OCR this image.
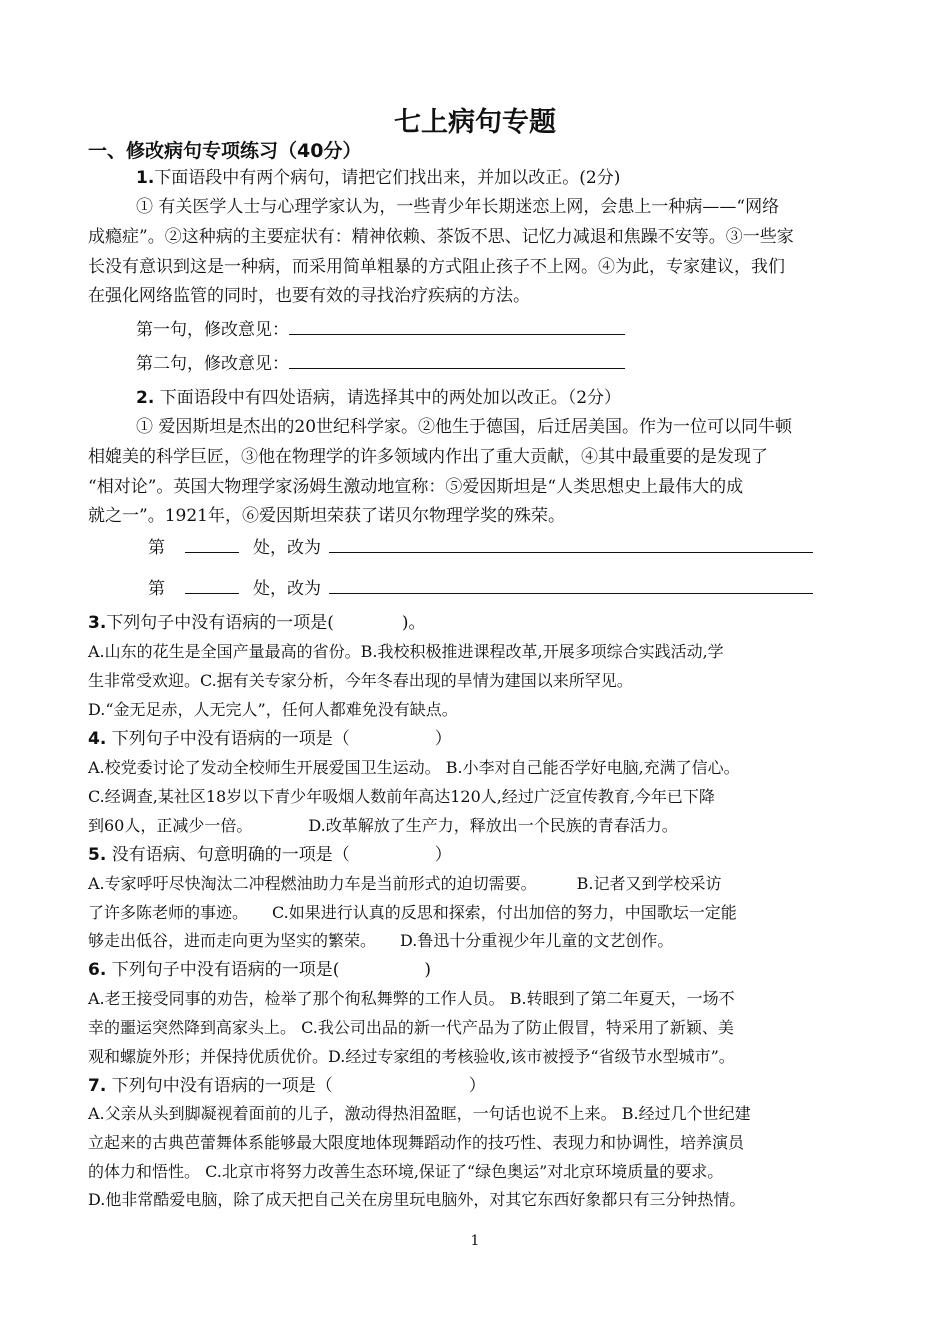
七上病句专题
一、修改病句专项练习（40分）
1.下面语段中有两个病句，请把它们找出来，并加以改正。(2分)
① 有关医学人士与心理学家认为，一些青少年长期迷恋上网，会患上一种病——“网络
成瘾症”。②这种病的主要症状有：精神依赖、茶饭不思、记忆力减退和焦躁不安等。③一些家
长没有意识到这是一种病，而采用简单粗暴的方式阻止孩子不上网。④为此，专家建议，我们
在强化网络监管的同时，也要有效的寻找治疗疾病的方法。
第一句，修改意见：
第二句，修改意见：
2. 下面语段中有四处语病，请选择其中的两处加以改正。（2分）
① 爱因斯坦是杰出的20世纪科学家。②他生于德国，后迁居美国。作为一位可以同牛顿
相媲美的科学巨匠，③他在物理学的许多领域内作出了重大贡献，④其中最重要的是发现了
“相对论”。英国大物理学家汤姆生激动地宣称：⑤爱因斯坦是“人类思想史上最伟大的成
就之一”。1921年，⑥爱因斯坦荣获了诺贝尔物理学奖的殊荣。
第	处，改为
第	处，改为
3.下列句子中没有语病的一项是(　　　　)。
A.山东的花生是全国产量最高的省份。B.我校积极推进课程改革,开展多项综合实践活动,学
生非常受欢迎。C.据有关专家分析，今年冬春出现的旱情为建国以来所罕见。
D.“金无足赤，人无完人”，任何人都难免没有缺点。
4. 下列句子中没有语病的一项是（　　　　　）
A.校党委讨论了发动全校师生开展爱国卫生运动。 B.小李对自己能否学好电脑,充满了信心。
C.经调查,某社区18岁以下青少年吸烟人数前年高达120人,经过广泛宣传教育,今年已下降
到60人，正减少一倍。　　　　D.改革解放了生产力，释放出一个民族的青春活力。
5. 没有语病、句意明确的一项是（　　　　　）
A.专家呼吁尽快淘汰二冲程燃油助力车是当前形式的迫切需要。　　　B.记者又到学校采访
了许多陈老师的事迹。　　C.如果进行认真的反思和探索，付出加倍的努力，中国歌坛一定能
够走出低谷，进而走向更为坚实的繁荣。　　D.鲁迅十分重视少年儿童的文艺创作。
6. 下列句子中没有语病的一项是(　　　　　)
A.老王接受同事的劝告，检举了那个徇私舞弊的工作人员。 B.转眼到了第二年夏天，一场不
幸的噩运突然降到高家头上。 C.我公司出品的新一代产品为了防止假冒，特采用了新颖、美
观和螺旋外形；并保持优质优价。D.经过专家组的考核验收,该市被授予“省级节水型城市”。
7. 下列句中没有语病的一项是（　　　　　　　　）
A.父亲从头到脚凝视着面前的儿子，激动得热泪盈眶，一句话也说不上来。 B.经过几个世纪建
立起来的古典芭蕾舞体系能够最大限度地体现舞蹈动作的技巧性、表现力和协调性，培养演员
的体力和悟性。 C.北京市将努力改善生态环境,保证了“绿色奥运”对北京环境质量的要求。
D.他非常酷爱电脑，除了成天把自己关在房里玩电脑外，对其它东西好象都只有三分钟热情。
1
